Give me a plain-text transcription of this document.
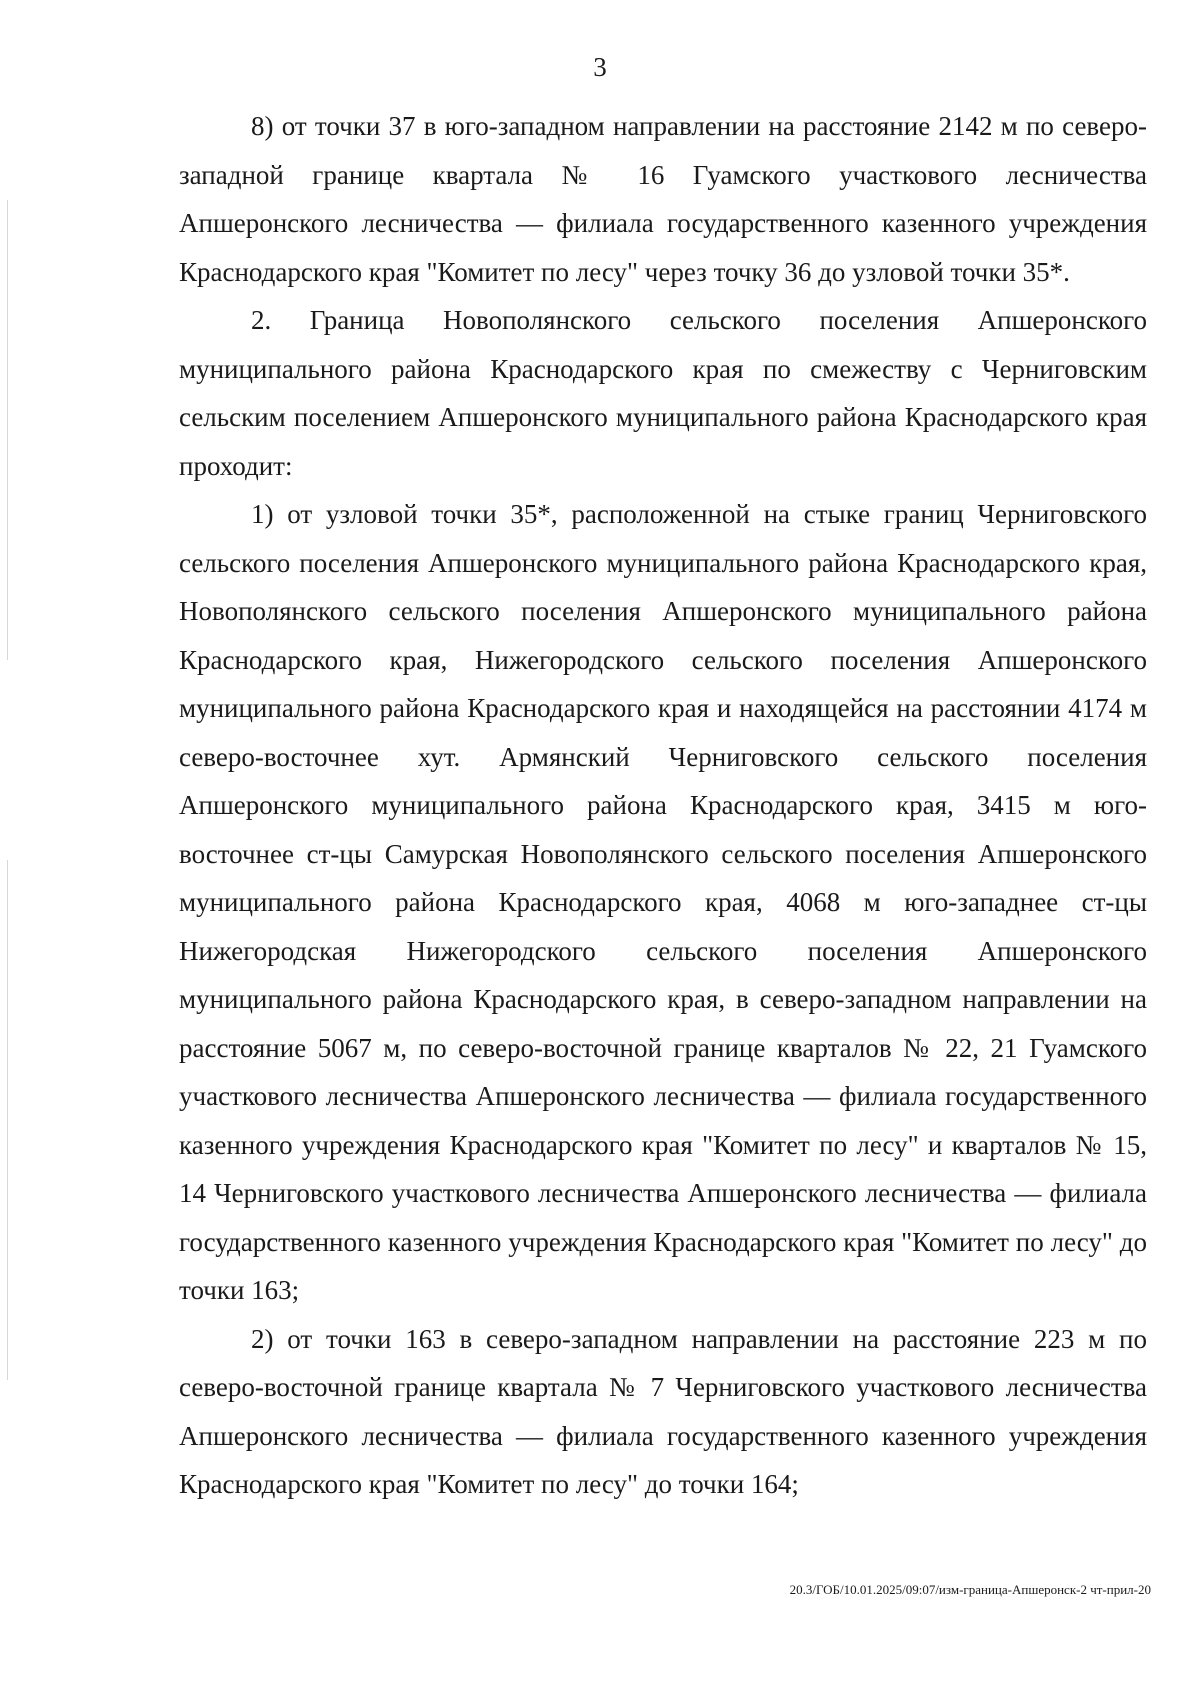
3

8) от точки 37 в юго-западном направлении на расстояние 2142 м по северо-западной границе квартала № 16 Гуамского участкового лесничества Апшеронского лесничества — филиала государственного казенного учреждения Краснодарского края "Комитет по лесу" через точку 36 до узловой точки 35*.

2. Граница Новополянского сельского поселения Апшеронского муниципального района Краснодарского края по смежеству с Черниговским сельским поселением Апшеронского муниципального района Краснодарского края проходит:

1) от узловой точки 35*, расположенной на стыке границ Черниговского сельского поселения Апшеронского муниципального района Краснодарского края, Новополянского сельского поселения Апшеронского муниципального района Краснодарского края, Нижегородского сельского поселения Апшеронского муниципального района Краснодарского края и находящейся на расстоянии 4174 м северо-восточнее хут. Армянский Черниговского сельского поселения Апшеронского муниципального района Краснодарского края, 3415 м юго-восточнее ст-цы Самурская Новополянского сельского поселения Апшеронского муниципального района Краснодарского края, 4068 м юго-западнее ст-цы Нижегородская Нижегородского сельского поселения Апшеронского муниципального района Краснодарского края, в северо-западном направлении на расстояние 5067 м, по северо-восточной границе кварталов № 22, 21 Гуамского участкового лесничества Апшеронского лесничества — филиала государственного казенного учреждения Краснодарского края "Комитет по лесу" и кварталов № 15, 14 Черниговского участкового лесничества Апшеронского лесничества — филиала государственного казенного учреждения Краснодарского края "Комитет по лесу" до точки 163;

2) от точки 163 в северо-западном направлении на расстояние 223 м по северо-восточной границе квартала № 7 Черниговского участкового лесничества Апшеронского лесничества — филиала государственного казенного учреждения Краснодарского края "Комитет по лесу" до точки 164;

20.3/ГОБ/10.01.2025/09:07/изм-граница-Апшеронск-2 чт-прил-20
